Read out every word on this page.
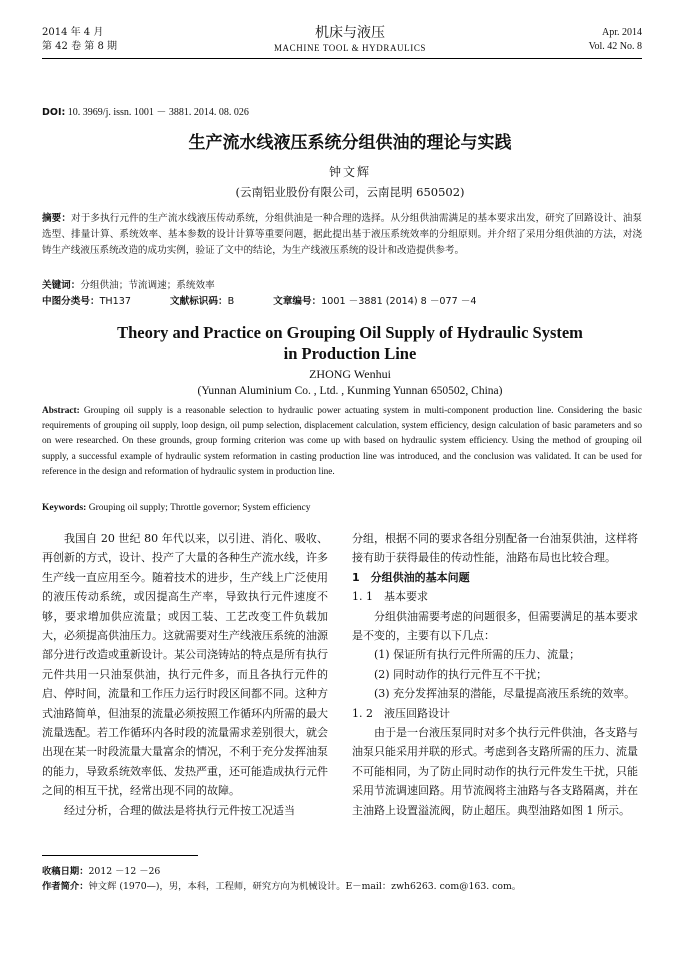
2014 年 4 月
第 42 卷 第 8 期
机床与液压
MACHINE TOOL & HYDRAULICS
Apr. 2014
Vol. 42 No. 8
DOI: 10. 3969/j. issn. 1001 － 3881. 2014. 08. 026
生产流水线液压系统分组供油的理论与实践
钟文辉
(云南铝业股份有限公司，云南昆明 650502)
摘要：对于多执行元件的生产流水线液压传动系统，分组供油是一种合理的选择。从分组供油需满足的基本要求出发，研究了回路设计、油泵选型、排量计算、系统效率、基本参数的设计计算等重要问题，据此提出基于液压系统效率的分组原则。并介绍了采用分组供油的方法，对浇铸生产线液压系统改造的成功实例，验证了文中的结论，为生产线液压系统的设计和改造提供参考。
关键词：分组供油；节流调速；系统效率
中图分类号：TH137	文献标识码：B	文章编号：1001 －3881 (2014) 8 －077 －4
Theory and Practice on Grouping Oil Supply of Hydraulic System
in Production Line
ZHONG Wenhui
(Yunnan Aluminium Co. , Ltd. , Kunming Yunnan 650502, China)
Abstract: Grouping oil supply is a reasonable selection to hydraulic power actuating system in multi-component production line. Considering the basic requirements of grouping oil supply, loop design, oil pump selection, displacement calculation, system efficiency, design calculation of basic parameters and so on were researched. On these grounds, group forming criterion was come up with based on hydraulic system efficiency. Using the method of grouping oil supply, a successful example of hydraulic system reformation in casting production line was introduced, and the conclusion was validated. It can be used for reference in the design and reformation of hydraulic system in production line.
Keywords: Grouping oil supply; Throttle governor; System efficiency

我国自 20 世纪 80 年代以来，以引进、消化、吸收、再创新的方式，设计、投产了大量的各种生产流水线，许多生产线一直应用至今。随着技术的进步，生产线上广泛使用的液压传动系统，或因提高生产率，导致执行元件速度不够，要求增加供应流量；或因工装、工艺改变工件负载加大，必须提高供油压力。这就需要对生产线液压系统的油源部分进行改造或重新设计。某公司浇铸站的特点是所有执行元件共用一只油泵供油，执行元件多，而且各执行元件的启、停时间，流量和工作压力运行时段区间都不同。这种方式油路简单，但油泵的流量必须按照工作循环内所需的最大流量选配。若工作循环内各时段的流量需求差别很大，就会出现在某一时段流量大量富余的情况，不利于充分发挥油泵的能力，导致系统效率低、发热严重，还可能造成执行元件之间的相互干扰，经常出现不同的故障。

经过分析，合理的做法是将执行元件按工况适当

分组，根据不同的要求各组分别配备一台油泵供油，这样将接有助于获得最佳的传动性能，油路布局也比较合理。

1　分组供油的基本问题

1. 1　基本要求

分组供油需要考虑的问题很多，但需要满足的基本要求是不变的，主要有以下几点：

(1) 保证所有执行元件所需的压力、流量；

(2) 同时动作的执行元件互不干扰；

(3) 充分发挥油泵的潜能，尽量提高液压系统的效率。

1. 2　液压回路设计

由于是一台液压泵同时对多个执行元件供油，各支路与油泵只能采用并联的形式。考虑到各支路所需的压力、流量不可能相同，为了防止同时动作的执行元件发生干扰，只能采用节流调速回路。用节流阀将主油路与各支路隔离，并在主油路上设置溢流阀，防止超压。典型油路如图 1 所示。

收稿日期：2012 －12 －26
作者简介：钟文辉 (1970—)，男，本科，工程师，研究方向为机械设计。E－mail：zwh6263. com@163. com。
